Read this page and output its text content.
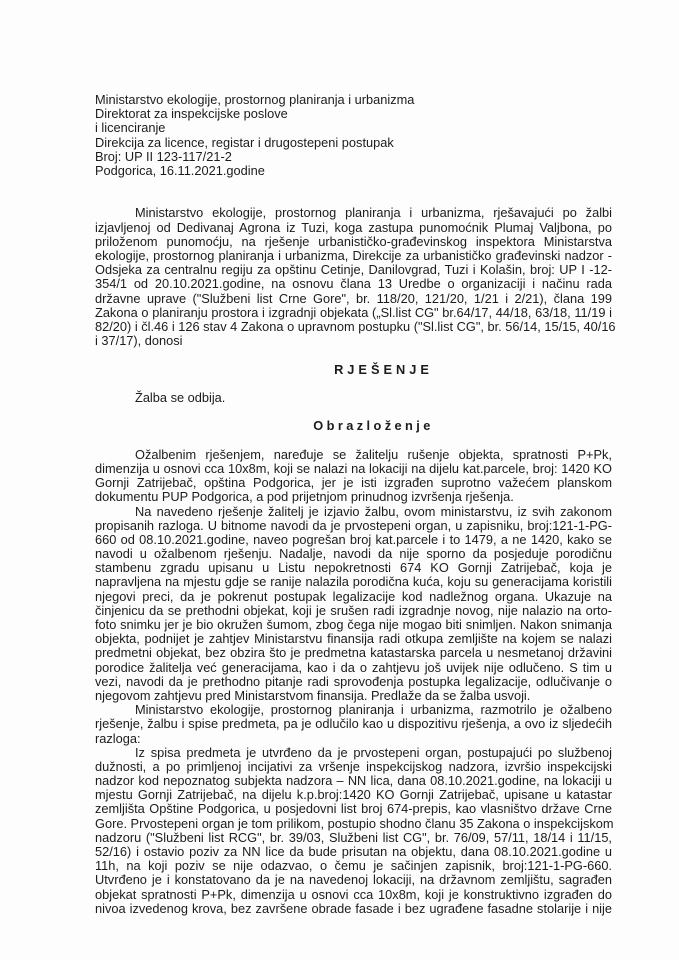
Ministarstvo ekologije, prostornog planiranja i urbanizma
Direktorat za inspekcijske poslove
i licenciranje
Direkcija za licence, registar i drugostepeni postupak
Broj: UP II 123-117/21-2
Podgorica, 16.11.2021.godine
Ministarstvo ekologije, prostornog planiranja i urbanizma, rješavajući po žalbi
izjavljenoj od Dedivanaj Agrona iz Tuzi, koga zastupa punomoćnik Plumaj Valjbona, po
priloženom punomoćju, na rješenje urbanističko-građevinskog inspektora Ministarstva
ekologije, prostornog planiranja i urbanizma, Direkcije za urbanističko građevinski nadzor -
Odsjeka za centralnu regiju za opštinu Cetinje, Danilovgrad, Tuzi i Kolašin, broj: UP I -12-
354/1 od 20.10.2021.godine, na osnovu člana 13 Uredbe o organizaciji i načinu rada
državne uprave ("Službeni list Crne Gore", br. 118/20, 121/20, 1/21 i 2/21), člana 199
Zakona o planiranju prostora i izgradnji objekata („Sl.list CG" br.64/17, 44/18, 63/18, 11/19 i
82/20) i čl.46 i 126 stav 4 Zakona o upravnom postupku ("Sl.list CG", br. 56/14, 15/15, 40/16
i 37/17), donosi
RJEŠENJE
Žalba se odbija.
Obrazloženje
Ožalbenim rješenjem, naređuje se žalitelju rušenje objekta, spratnosti P+Pk,
dimenzija u osnovi cca 10x8m, koji se nalazi na lokaciji na dijelu kat.parcele, broj: 1420 KO
Gornji Zatrijebač, opština Podgorica, jer je isti izgrađen suprotno važećem planskom
dokumentu PUP Podgorica, a pod prijetnjom prinudnog izvršenja rješenja.
Na navedeno rješenje žalitelj je izjavio žalbu, ovom ministarstvu, iz svih zakonom
propisanih razloga. U bitnome navodi da je prvostepeni organ, u zapisniku, broj:121-1-PG-
660 od 08.10.2021.godine, naveo pogrešan broj kat.parcele i to 1479, a ne 1420, kako se
navodi u ožalbenom rješenju. Nadalje, navodi da nije sporno da posjeduje porodičnu
stambenu zgradu upisanu u Listu nepokretnosti 674 KO Gornji Zatrijebač, koja je
napravljena na mjestu gdje se ranije nalazila porodična kuća, koju su generacijama koristili
njegovi preci, da je pokrenut postupak legalizacije kod nadležnog organa. Ukazuje na
činjenicu da se prethodni objekat, koji je srušen radi izgradnje novog, nije nalazio na orto-
foto snimku jer je bio okružen šumom, zbog čega nije mogao biti snimljen. Nakon snimanja
objekta, podnijet je zahtjev Ministarstvu finansija radi otkupa zemljište na kojem se nalazi
predmetni objekat, bez obzira što je predmetna katastarska parcela u nesmetanoj državini
porodice žalitelja već generacijama, kao i da o zahtjevu još uvijek nije odlučeno. S tim u
vezi, navodi da je prethodno pitanje radi sprovođenja postupka legalizacije, odlučivanje o
njegovom zahtjevu pred Ministarstvom finansija. Predlaže da se žalba usvoji.
Ministarstvo ekologije, prostornog planiranja i urbanizma, razmotrilo je ožalbeno
rješenje, žalbu i spise predmeta, pa je odlučilo kao u dispozitivu rješenja, a ovo iz sljedećih
razloga:
Iz spisa predmeta je utvrđeno da je prvostepeni organ, postupajući po službenoj
dužnosti, a po primljenoj incijativi za vršenje inspekcijskog nadzora, izvršio inspekcijski
nadzor kod nepoznatog subjekta nadzora – NN lica, dana 08.10.2021.godine, na lokaciji u
mjestu Gornji Zatrijebač, na dijelu k.p.broj:1420 KO Gornji Zatrijebač, upisane u katastar
zemljišta Opštine Podgorica, u posjedovni list broj 674-prepis, kao vlasništvo države Crne
Gore. Prvostepeni organ je tom prilikom, postupio shodno članu 35 Zakona o inspekcijskom
nadzoru ("Službeni list RCG", br. 39/03, Službeni list CG", br. 76/09, 57/11, 18/14 i 11/15,
52/16) i ostavio poziv za NN lice da bude prisutan na objektu, dana 08.10.2021.godine u
11h, na koji poziv se nije odazvao, o čemu je sačinjen zapisnik, broj:121-1-PG-660.
Utvrđeno je i konstatovano da je na navedenoj lokaciji, na državnom zemljištu, sagrađen
objekat spratnosti P+Pk, dimenzija u osnovi cca 10x8m, koji je konstruktivno izgrađen do
nivoa izvedenog krova, bez završene obrade fasade i bez ugrađene fasadne stolarije i nije
